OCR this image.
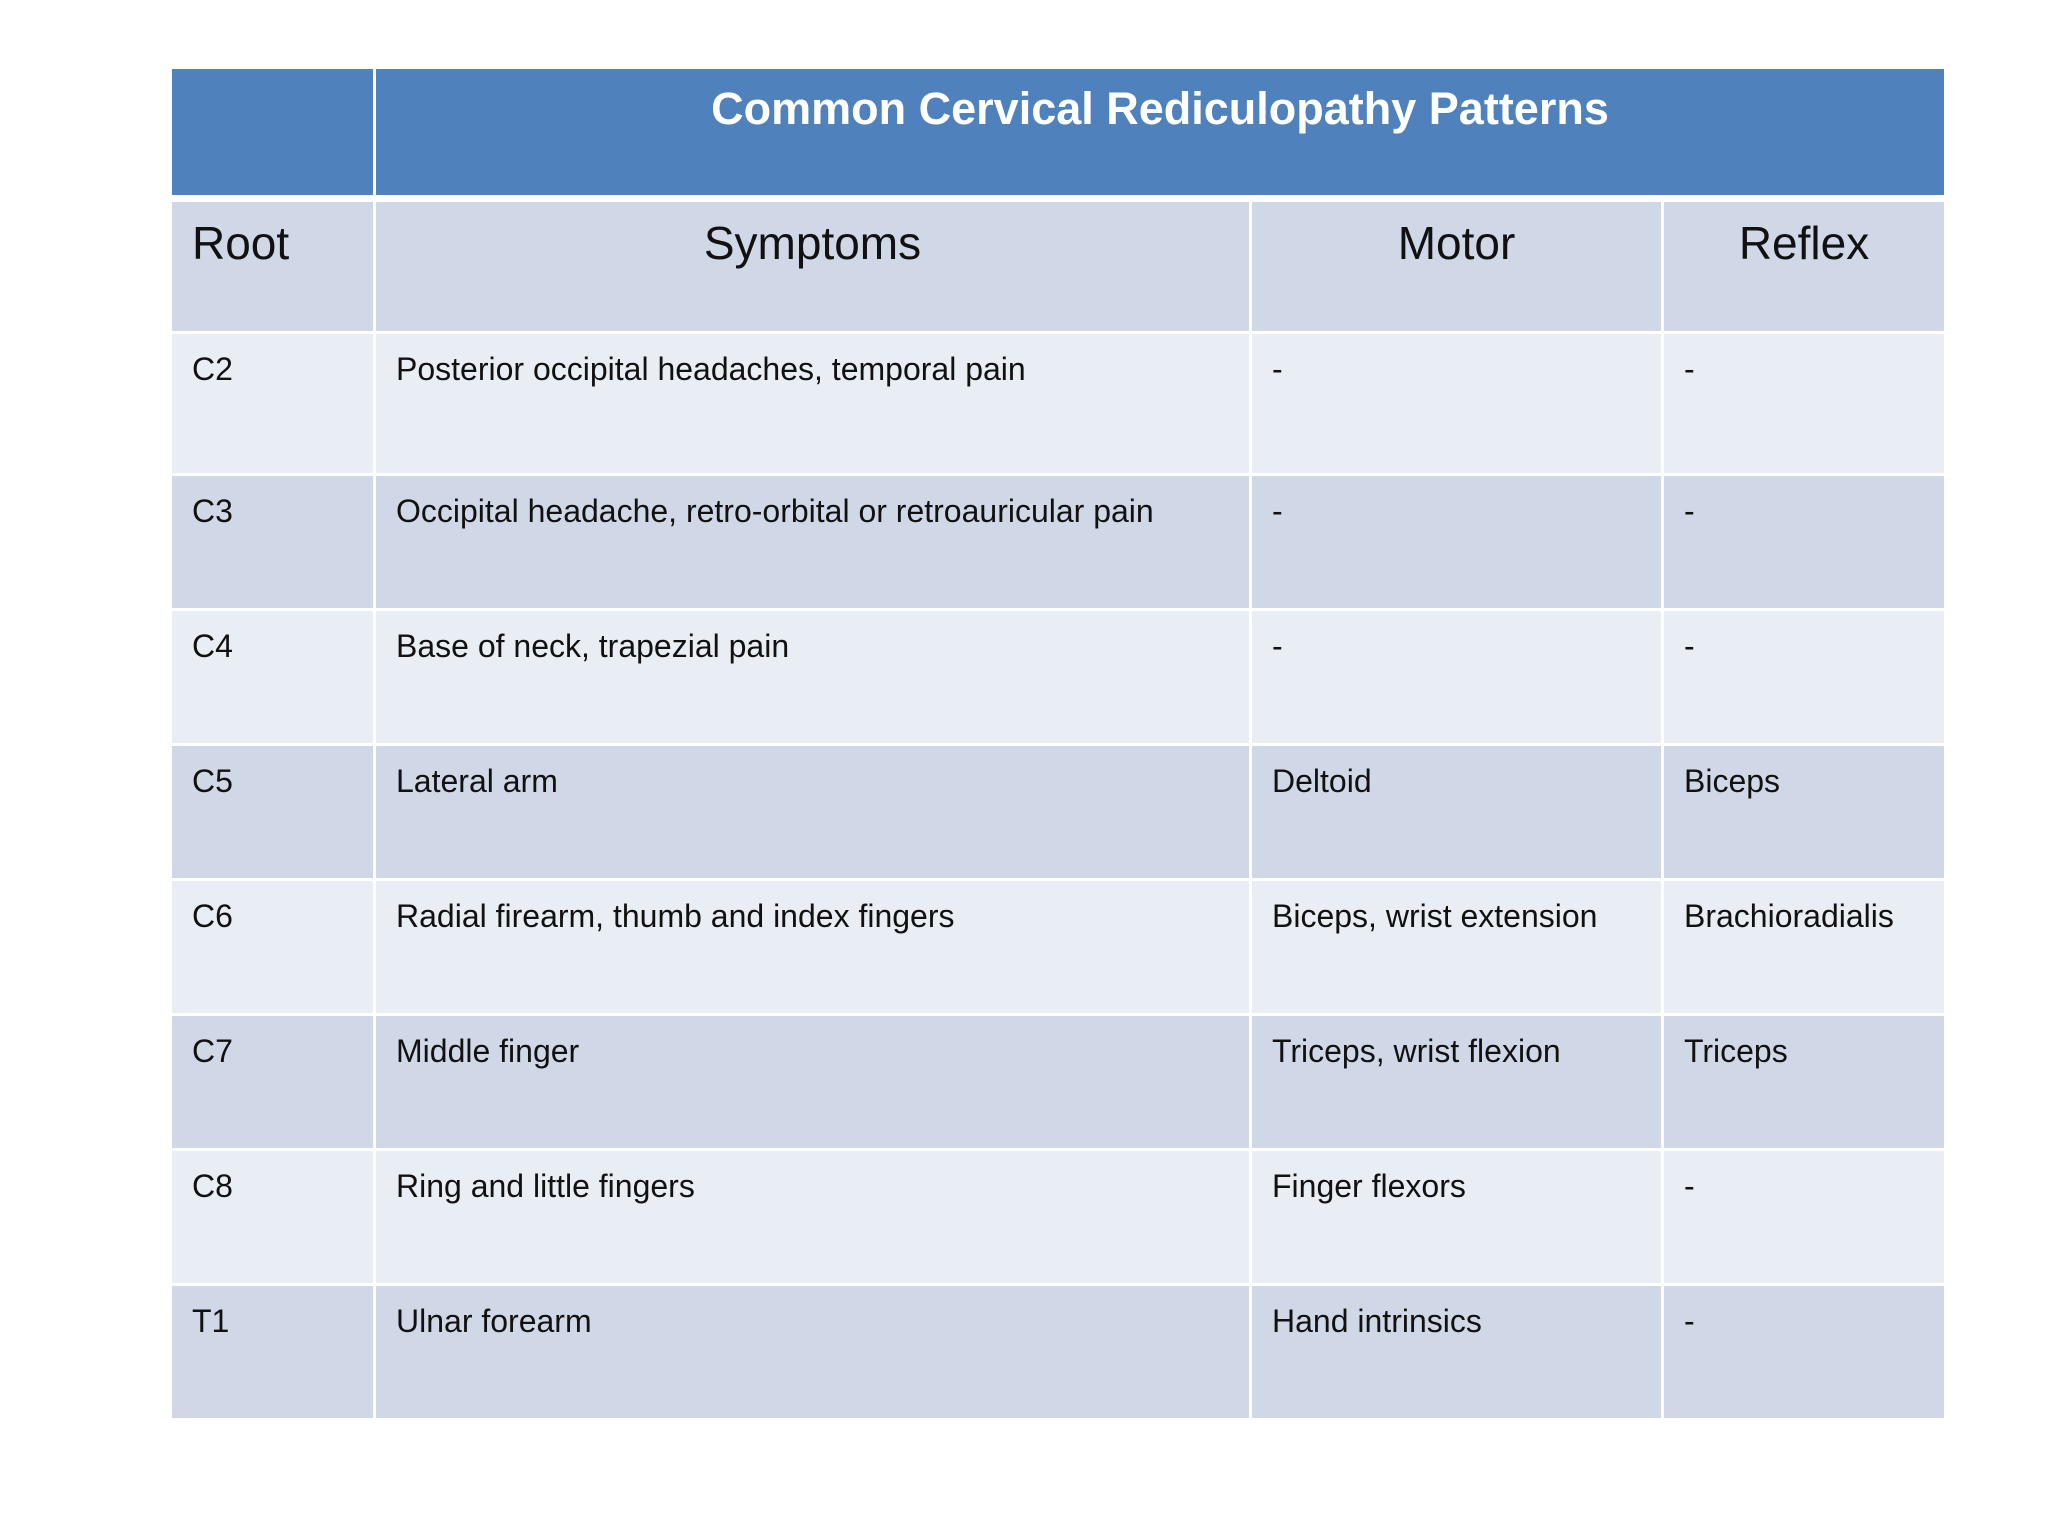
	Common Cervical Rediculopathy Patterns		
Root	Symptoms	Motor	Reflex
C2	Posterior occipital headaches, temporal pain	-	-
C3	Occipital headache, retro-orbital or retroauricular pain	-	-
C4	Base of neck, trapezial pain	-	-
C5	Lateral arm	Deltoid	Biceps
C6	Radial firearm, thumb and index fingers	Biceps, wrist extension	Brachioradialis
C7	Middle finger	Triceps, wrist flexion	Triceps
C8	Ring and little fingers	Finger flexors	-
T1	Ulnar forearm	Hand intrinsics	-
